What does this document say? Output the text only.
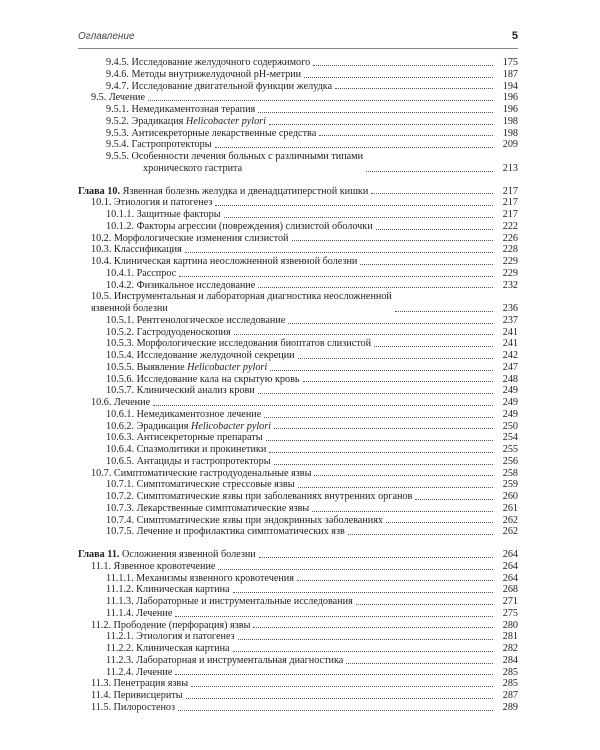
Оглавление	5
9.4.5. Исследование желудочного содержимого	175
9.4.6. Методы внутрижелудочной pH-метрии	187
9.4.7. Исследование двигательной функции желудка	194
9.5. Лечение	196
9.5.1. Немедикаментозная терапия	196
9.5.2. Эрадикация Helicobacter pylori	198
9.5.3. Антисекреторные лекарственные средства	198
9.5.4. Гастропротекторы	209
9.5.5. Особенности лечения больных с различными типами
хронического гастрита	213
Глава 10. Язвенная болезнь желудка и двенадцатиперстной кишки	217
10.1. Этиология и патогенез	217
10.1.1. Защитные факторы	217
10.1.2. Факторы агрессии (повреждения) слизистой оболочки	222
10.2. Морфологические изменения слизистой	226
10.3. Классификация	228
10.4. Клиническая картина неосложненной язвенной болезни	229
10.4.1. Расспрос	229
10.4.2. Физикальное исследование	232
10.5. Инструментальная и лабораторная диагностика неосложненной
язвенной болезни	236
10.5.1. Рентгенологическое исследование	237
10.5.2. Гастродуоденоскопия	241
10.5.3. Морфологические исследования биоптатов слизистой	241
10.5.4. Исследование желудочной секреции	242
10.5.5. Выявление Helicobacter pylori	247
10.5.6. Исследование кала на скрытую кровь	248
10.5.7. Клинический анализ крови	249
10.6. Лечение	249
10.6.1. Немедикаментозное лечение	249
10.6.2. Эрадикация Helicobacter pylori	250
10.6.3. Антисекреторные препараты	254
10.6.4. Спазмолитики и прокинетики	255
10.6.5. Антациды и гастропротекторы	256
10.7. Симптоматические гастродуоденальные язвы	258
10.7.1. Симптоматические стрессовые язвы	259
10.7.2. Симптоматические язвы при заболеваниях внутренних органов	260
10.7.3. Лекарственные симптоматические язвы	261
10.7.4. Симптоматические язвы при эндокринных заболеваниях	262
10.7.5. Лечение и профилактика симптоматических язв	262
Глава 11. Осложнения язвенной болезни	264
11.1. Язвенное кровотечение	264
11.1.1. Механизмы язвенного кровотечения	264
11.1.2. Клиническая картина	268
11.1.3. Лабораторные и инструментальные исследования	271
11.1.4. Лечение	275
11.2. Прободение (перфорация) язвы	280
11.2.1. Этиология и патогенез	281
11.2.2. Клиническая картина	282
11.2.3. Лабораторная и инструментальная диагностика	284
11.2.4. Лечение	285
11.3. Пенетрация язвы	285
11.4. Перивисцериты	287
11.5. Пилоростеноз	289
